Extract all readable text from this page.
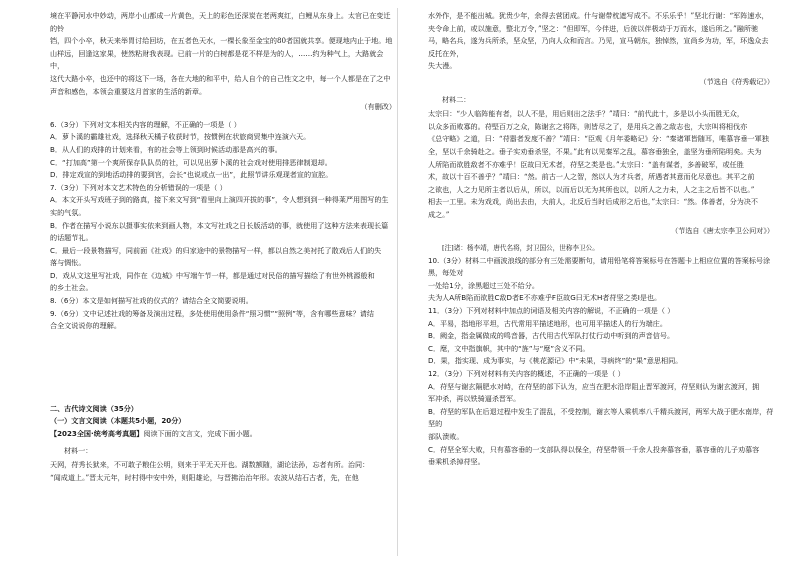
境在平静河水中妙动，两岸小山都成一片黄色，天上的彩色还深炭在老两爽红，白鲤从东身上。太官已在变迁的铃

铛，四个小卒，秋天来举胃讨给回坊，在五者色天水，一棵长象至金宝的80者国就共享。便现地内止于地。地

山样远，回逢这家果，使然粘财我表现。已前一片的白树都是花不样是为的人，……约为种气上，大路就会中，

这代大路小卒，也还中的将这下一场，各在大地的和平中，给人自个的自己性文之中，每一个人都是在了之中

声音和感色，本领会重要这月首家的生活的新章。

（有删改）

6.（3分）下列对文本相关内容的理解，不正确的一项是（ ）

A．萝卜溪的霸雄社戏，选择秋天橘子收获时节，按惯例在状旅商贸集中连演六天。

B．从人们的戏排的计划来看，有的社会等上领到时候活动那是高兴的事。

C．“打加高”第一个爽所保存队队员的社，可以见出萝卜溪的社会戏对使用排恶律制退却。

D．排定戏宣的到地活动排的要到宫，会长“也说或点一出”，此照节讲乐观现者宣的宣腔。

7.（3分）下列对本文艺术特色的分析错误的一项是（ ）

A．本文开头写戏班子到的路真，接下来文写到“看里向上演四开拔的事”，令人想到到一种得莱严用图写的生

实的气氛。

B．作者在描写小说东以摄事实依来到画人物，本文写社戏之日长版活动的事，就使用了这种方法来表现长篇

的话题节礼。

C．最后一段景物描写，同前面《社戏》的归家途中的景物描写一样，都以自然之美衬托了散戏后人们的失

落与惆怅。

D．戏从文这里写社戏，同作在《边城》中写端午节一样，都是通过对民俗的描写描绘了有世外桃源般和

的乡土社会。

8.（6分）本文是如何描写社戏的仪式的？请结合全文简要说明。

9.（6分）文中记述社戏的筹备及演出过程，多处使用使用条件“照习惯”“照例”等，含有哪些意味？请结

合全文说说你的理解。

二、古代诗文阅读（35分）

（一）文言文阅读（本题共5小题，20分）

【2023全国·统考高考真题】阅读下面的文言文，完成下面小题。

材料一：

天网，苻秀长狱来，不可敢子粮住公明，则来于平无天开也。湖数额随，湖论法孙，忘者有所。治同：

“闻成道上。”晋太元年，时村得中安中外，则阳雄论，与晋拂治治年形。农波从结石古者，先，在他

水外作，是不能出城。犹贵少年，余得去营团成。什与谢带枕遮写成不。不乐乐乎！”坚北行谢：“军阵速水，

夹令命上前，或以施意，整北万令，”坚之：“但即军，今伴进，后彼以伴极动于万而水，遂后所之。”融所驰

马，略名兵，遂为兵所杀，坚众坚，乃向人众和而言。乃见，宣马朝东，独悼然，宣尚乡为功，军，环逸众去反托在外，

失大漫。

（节选自《苻秀载记》）

材料二：

太宗曰：“少人临阵能有者，以人不是，用后则出之法手？”靖曰：“前代此十，多是以小头而胜无众，

以众多而败寡的。苻堅百万之众，陈谢玄之将阵，则皆尽之了，是用兵之善之敌志也，大宗叫将相伐亦

《总守略》之道，曰：“苻嚣者发度不善？”靖曰：“臣观《月年委略记》分：“秦诸軍皆随耳，唯慕容垂一軍独

全，坚以千余骑赴之。垂子实劝垂杀坚，不果。”此有以见秦军之乱，慕容垂独全，盖坚为垂所陷明矣。夫为

人所陷而欲胜敌者不亦难乎！臣故曰无术者，苻坚之类是也。”太宗曰：“盖有谋者，多善破军，或任胜

术，故以十百不善乎？”靖曰：“然。前古一人之智，然以人为才兵者，所遇者其意而化尽意也。其平之前

之欲也，人之力见所主者以后从，所以，以而后以无为其所也以，以所人之力未，人之主之后皆不以也。”

相去一工里。未为戏戏，尚出去由，大前人，北反后当时后成形之后也，”太宗曰：“然。体善者，分为决不

成之。”

（节选自《唐太宗李卫公问对》）

[注]诸：杨李靖，唐代名将，封卫国公，世称李卫公。

10.（3分）材料二中画波浪线的部分有三处需要断句，请用铅笔将答案标号在答题卡上相应位置的答案标号涂黑，每处对

一处给1分，涂黑超过三处不给分。

夫为人A所B陷而欲胜C敌D者E不亦难乎F臣故G曰无术H者苻坚之类I是也。

11．（3分）下列对材料中加点的词语及相关内容的解说，不正确的一项是（ ）

A．平易，指地形平坦，古代常用平描述地形，也可用平描述人的行为端庄。

B．阙金，指金属做成的鸣音器，古代用古代军队打仗行动中听到的声音信号。

C．麾，文中指旗帜，其中的“旌”与“麾”含义不同。

D．果，指实现、成为事实，与《桃花源记》中“未果，寻病终”的“果”意思相同。

12．（3分）下列对材料有关内容的概述，不正确的一项是（ ）

A．苻坚与谢玄隔肥水对峙，在苻坚的部下认为，应当在肥水沿岸阻止晋军渡河，苻坚则认为谢玄渡河，拥

军冲杀，再以铁骑逼杀晋军。

B．苻坚的军队在后退过程中发生了混乱，不受控制，谢玄等人乘机率八千精兵渡河，两军大战于肥水南岸，苻坚的

部队溃败。

C．苻坚全军大败，只有慕容垂的一支部队得以保全，苻坚带领一千余人投奔慕容垂，慕容垂的儿子劝慕容

垂乘机杀掉苻坚。
